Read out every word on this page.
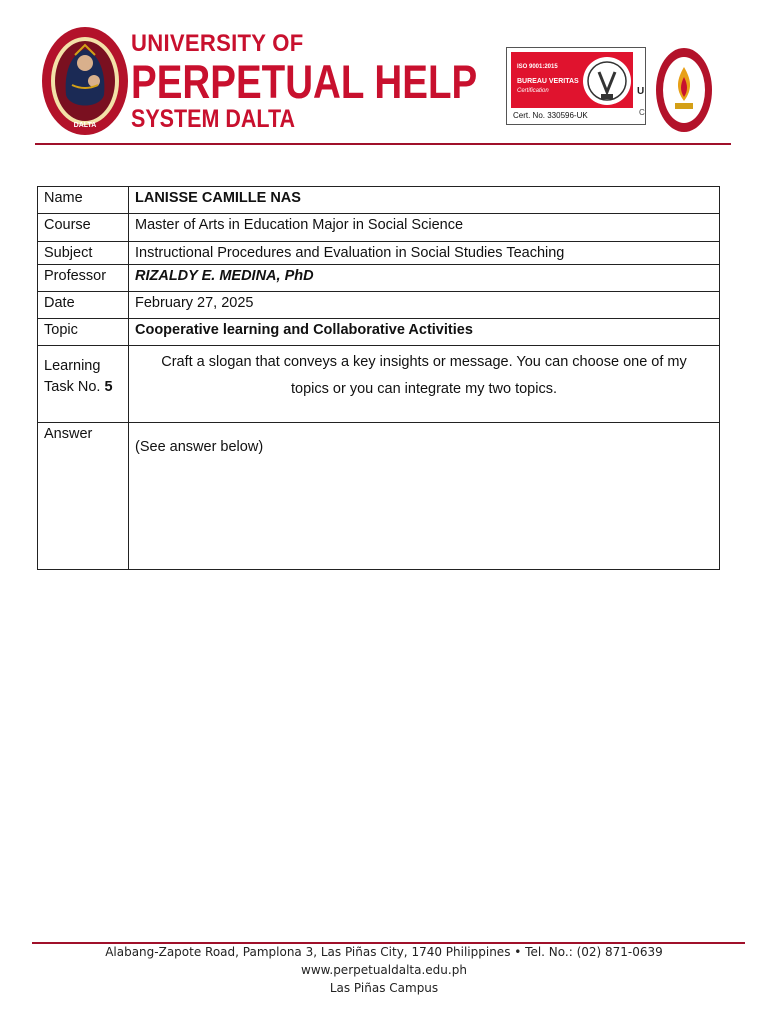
DALTA
UNIVERSITY OF
PERPETUAL HELP
SYSTEM DALTA
ISO 9001:2015
BUREAU VERITAS
Certification
Cert. No. 330596-UK
U
C
Name	LANISSE CAMILLE NAS
Course	Master of Arts in Education Major in Social Science
Subject	Instructional Procedures and Evaluation in Social Studies Teaching
Professor	RIZALDY E. MEDINA, PhD
Date	February 27, 2025
Topic	Cooperative learning and Collaborative Activities
Learning
Task No. 5	Craft a slogan that conveys a key insights or message. You can choose one of my
topics or you can integrate my two topics.
Answer	(See answer below)
Alabang-Zapote Road, Pamplona 3, Las Piñas City, 1740 Philippines • Tel. No.: (02) 871-0639
www.perpetualdalta.edu.ph
Las Piñas Campus
